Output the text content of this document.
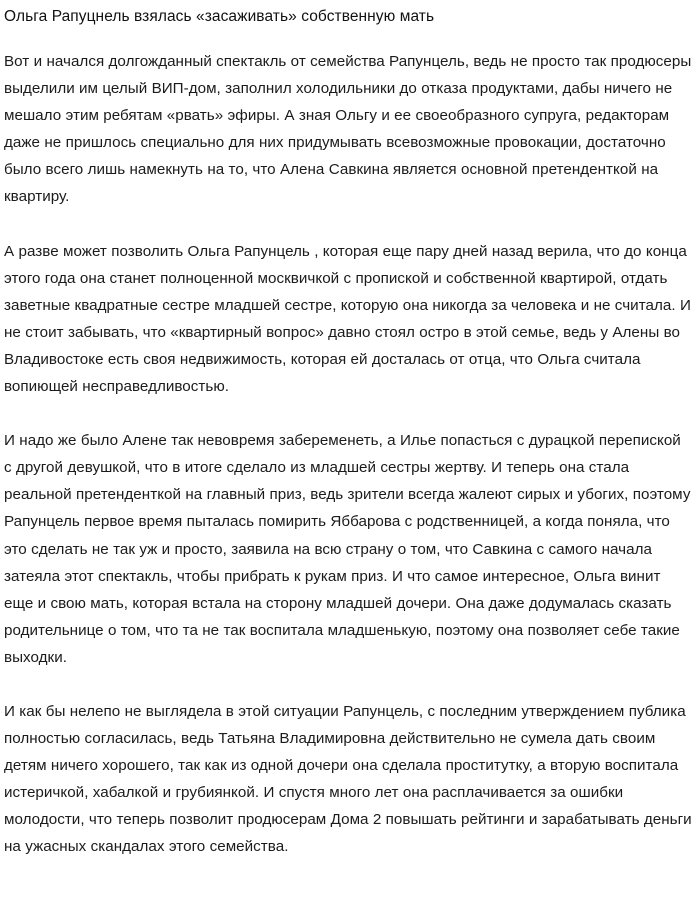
Ольга Рапуцнель взялась «засаживать» собственную мать

Вот и начался долгожданный спектакль от семейства Рапунцель, ведь не просто так продюсеры выделили им целый ВИП-дом, заполнил холодильники до отказа продуктами, дабы ничего не мешало этим ребятам «рвать» эфиры. А зная Ольгу и ее своеобразного супруга, редакторам даже не пришлось специально для них придумывать всевозможные провокации, достаточно было всего лишь намекнуть на то, что Алена Савкина является основной претенденткой на квартиру.

А разве может позволить Ольга Рапунцель , которая еще пару дней назад верила, что до конца этого года она станет полноценной москвичкой с пропиской и собственной квартирой, отдать заветные квадратные сестре младшей сестре, которую она никогда за человека и не считала. И не стоит забывать, что «квартирный вопрос» давно стоял остро в этой семье, ведь у Алены во Владивостоке есть своя недвижимость, которая ей досталась от отца, что Ольга считала вопиющей несправедливостью.

И надо же было Алене так невовремя забеременеть, а Илье попасться с дурацкой перепиской с другой девушкой, что в итоге сделало из младшей сестры жертву. И теперь она стала реальной претенденткой на главный приз, ведь зрители всегда жалеют сирых и убогих, поэтому Рапунцель первое время пыталась помирить Яббарова с родственницей, а когда поняла, что это сделать не так уж и просто, заявила на всю страну о том, что Савкина с самого начала затеяла этот спектакль, чтобы прибрать к рукам приз. И что самое интересное, Ольга винит еще и свою мать, которая встала на сторону младшей дочери. Она даже додумалась сказать родительнице о том, что та не так воспитала младшенькую, поэтому она позволяет себе такие выходки.

И как бы нелепо не выглядела в этой ситуации Рапунцель, с последним утверждением публика полностью согласилась, ведь Татьяна Владимировна действительно не сумела дать своим детям ничего хорошего, так как из одной дочери она сделала проститутку, а вторую воспитала истеричкой, хабалкой и грубиянкой. И спустя много лет она расплачивается за ошибки молодости, что теперь позволит продюсерам Дома 2 повышать рейтинги и зарабатывать деньги на ужасных скандалах этого семейства.
